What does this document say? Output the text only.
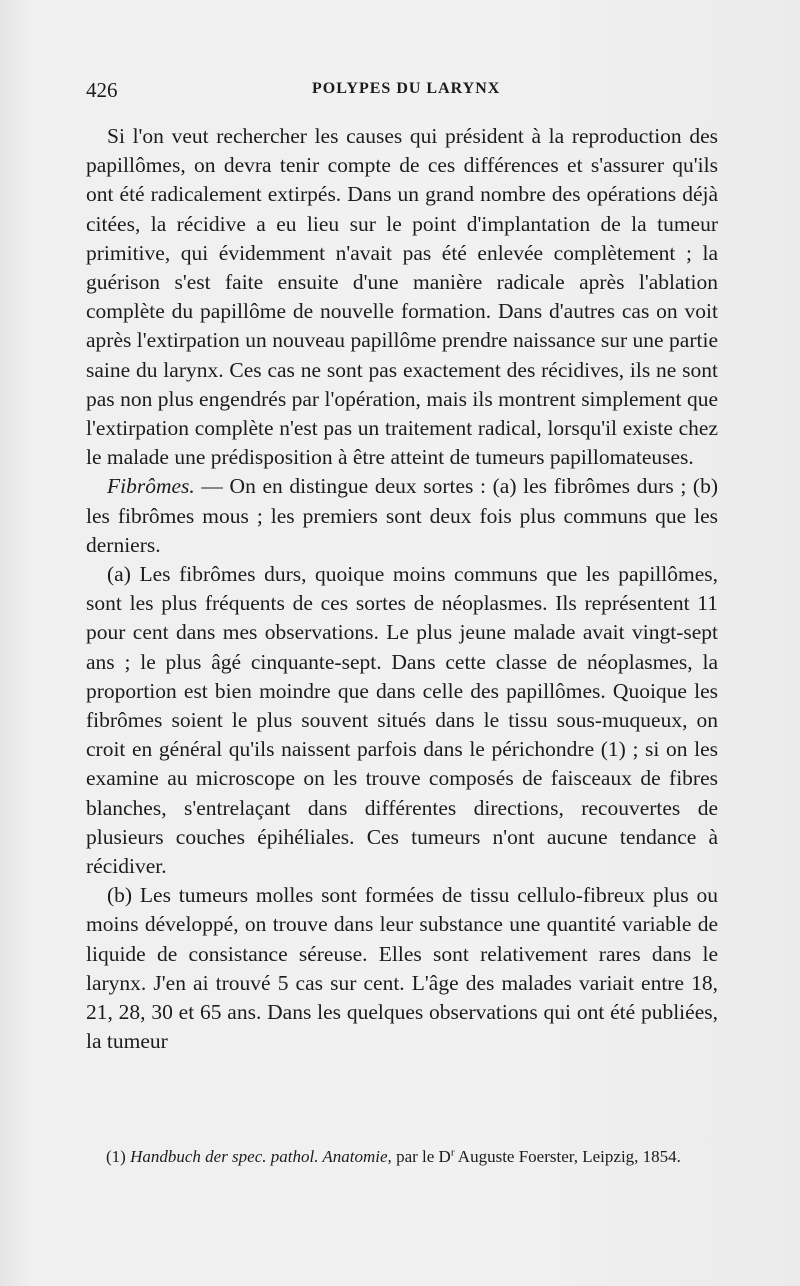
426	POLYPES DU LARYNX

Si l'on veut rechercher les causes qui président à la reproduction des papillômes, on devra tenir compte de ces différences et s'assurer qu'ils ont été radicalement extirpés. Dans un grand nombre des opérations déjà citées, la récidive a eu lieu sur le point d'implantation de la tumeur primitive, qui évidemment n'avait pas été enlevée complètement ; la guérison s'est faite ensuite d'une manière radicale après l'ablation complète du papillôme de nouvelle formation. Dans d'autres cas on voit après l'extirpation un nouveau papillôme prendre naissance sur une partie saine du larynx. Ces cas ne sont pas exactement des récidives, ils ne sont pas non plus engendrés par l'opération, mais ils montrent simplement que l'extirpation complète n'est pas un traitement radical, lorsqu'il existe chez le malade une prédisposition à être atteint de tumeurs papillomateuses.

Fibrômes. — On en distingue deux sortes : (a) les fibrômes durs ; (b) les fibrômes mous ; les premiers sont deux fois plus communs que les derniers.

(a) Les fibrômes durs, quoique moins communs que les papillômes, sont les plus fréquents de ces sortes de néoplasmes. Ils représentent 11 pour cent dans mes observations. Le plus jeune malade avait vingt-sept ans ; le plus âgé cinquante-sept. Dans cette classe de néoplasmes, la proportion est bien moindre que dans celle des papillômes. Quoique les fibrômes soient le plus souvent situés dans le tissu sous-muqueux, on croit en général qu'ils naissent parfois dans le périchondre (1) ; si on les examine au microscope on les trouve composés de faisceaux de fibres blanches, s'entrelaçant dans différentes directions, recouvertes de plusieurs couches épihéliales. Ces tumeurs n'ont aucune tendance à récidiver.

(b) Les tumeurs molles sont formées de tissu cellulo-fibreux plus ou moins développé, on trouve dans leur substance une quantité variable de liquide de consistance séreuse. Elles sont relativement rares dans le larynx. J'en ai trouvé 5 cas sur cent. L'âge des malades variait entre 18, 21, 28, 30 et 65 ans. Dans les quelques observations qui ont été publiées, la tumeur

(1) Handbuch der spec. pathol. Anatomie, par le $D^r$ Auguste Foerster, Leipzig, 1854.
